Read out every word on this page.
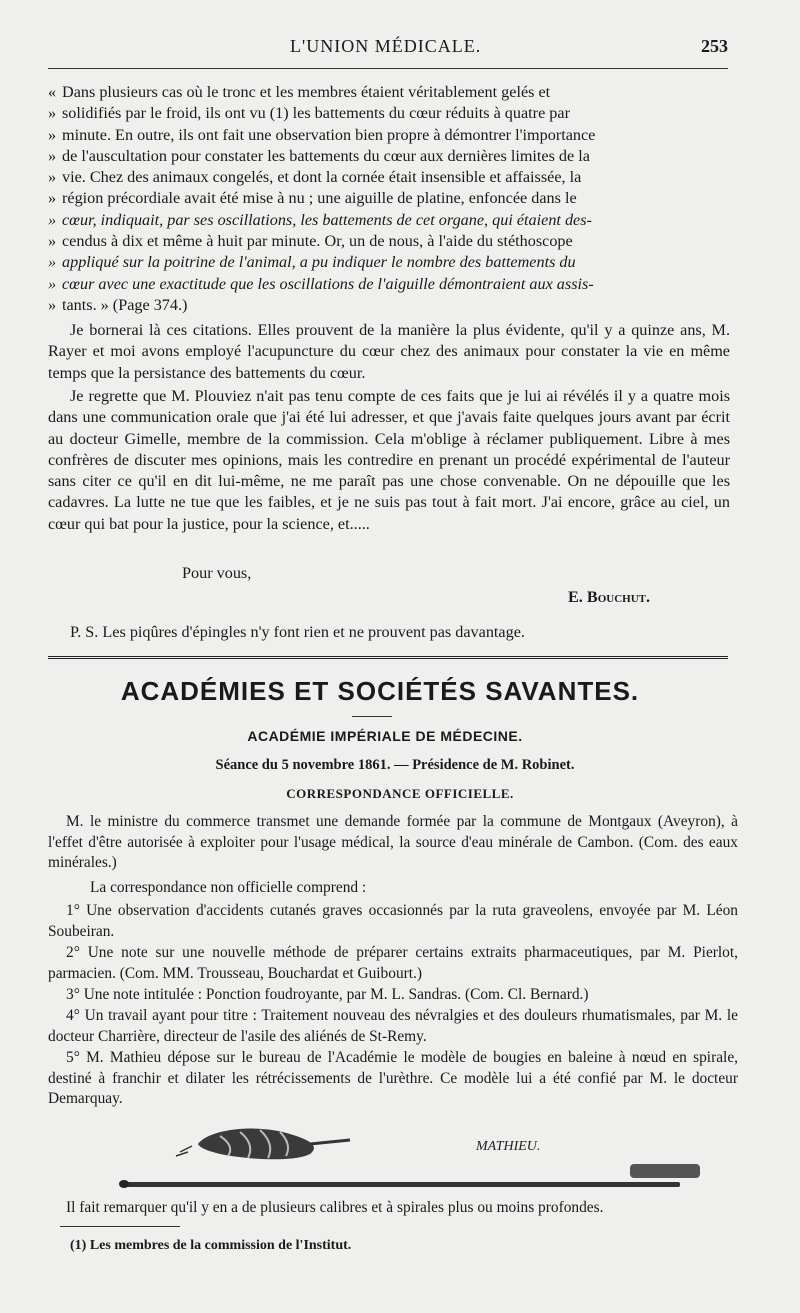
L'UNION MÉDICALE.	253
« Dans plusieurs cas où le tronc et les membres étaient véritablement gelés et
» solidifiés par le froid, ils ont vu (1) les battements du cœur réduits à quatre par
» minute. En outre, ils ont fait une observation bien propre à démontrer l'importance
» de l'auscultation pour constater les battements du cœur aux dernières limites de la
» vie. Chez des animaux congelés, et dont la cornée était insensible et affaissée, la
» région précordiale avait été mise à nu ; une aiguille de platine, enfoncée dans le
» cœur, indiquait, par ses oscillations, les battements de cet organe, qui étaient des-
» cendus à dix et même à huit par minute. Or, un de nous, à l'aide du stéthoscope
» appliqué sur la poitrine de l'animal, a pu indiquer le nombre des battements du
» cœur avec une exactitude que les oscillations de l'aiguille démontraient aux assis-
» tants. » (Page 374.)

Je bornerai là ces citations. Elles prouvent de la manière la plus évidente, qu'il y a quinze ans, M. Rayer et moi avons employé l'acupuncture du cœur chez des animaux pour constater la vie en même temps que la persistance des battements du cœur.

Je regrette que M. Plouviez n'ait pas tenu compte de ces faits que je lui ai révélés il y a quatre mois dans une communication orale que j'ai été lui adresser, et que j'avais faite quelques jours avant par écrit au docteur Gimelle, membre de la commission. Cela m'oblige à réclamer publiquement. Libre à mes confrères de discuter mes opinions, mais les contredire en prenant un procédé expérimental de l'auteur sans citer ce qu'il en dit lui-même, ne me paraît pas une chose convenable. On ne dépouille que les cadavres. La lutte ne tue que les faibles, et je ne suis pas tout à fait mort. J'ai encore, grâce au ciel, un cœur qui bat pour la justice, pour la science, et.....

Pour vous,
E. Bouchut.

P. S. Les piqûres d'épingles n'y font rien et ne prouvent pas davantage.

ACADÉMIES ET SOCIÉTÉS SAVANTES.
ACADÉMIE IMPÉRIALE DE MÉDECINE.
Séance du 5 novembre 1861. — Présidence de M. Robinet.
CORRESPONDANCE OFFICIELLE.

M. le ministre du commerce transmet une demande formée par la commune de Montgaux (Aveyron), à l'effet d'être autorisée à exploiter pour l'usage médical, la source d'eau minérale de Cambon. (Com. des eaux minérales.)

La correspondance non officielle comprend :

1° Une observation d'accidents cutanés graves occasionnés par la ruta graveolens, envoyée par M. Léon Soubeiran.

2° Une note sur une nouvelle méthode de préparer certains extraits pharmaceutiques, par M. Pierlot, parmacien. (Com. MM. Trousseau, Bouchardat et Guibourt.)

3° Une note intitulée : Ponction foudroyante, par M. L. Sandras. (Com. Cl. Bernard.)

4° Un travail ayant pour titre : Traitement nouveau des névralgies et des douleurs rhumatismales, par M. le docteur Charrière, directeur de l'asile des aliénés de St-Remy.

5° M. Mathieu dépose sur le bureau de l'Académie le modèle de bougies en baleine à nœud en spirale, destiné à franchir et dilater les rétrécissements de l'urèthre. Ce modèle lui a été confié par M. le docteur Demarquay.

MATHIEU.

Il fait remarquer qu'il y en a de plusieurs calibres et à spirales plus ou moins profondes.

(1) Les membres de la commission de l'Institut.
